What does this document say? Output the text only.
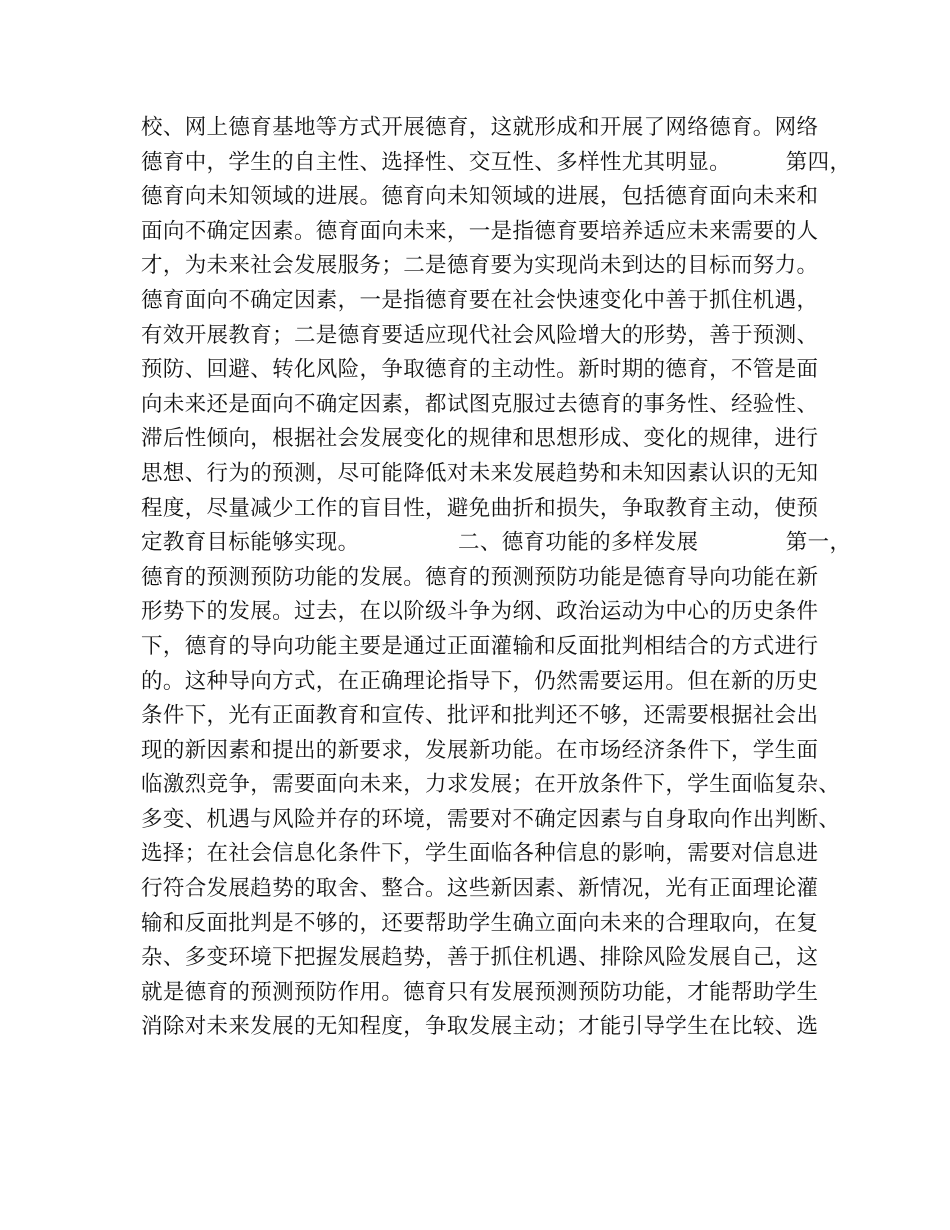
校、网上德育基地等方式开展德育，这就形成和开展了网络德育。网络
德育中，学生的自主性、选择性、交互性、多样性尤其明显。　　　第四，
德育向未知领域的进展。德育向未知领域的进展，包括德育面向未来和
面向不确定因素。德育面向未来，一是指德育要培养适应未来需要的人
才，为未来社会发展服务；二是德育要为实现尚未到达的目标而努力。
德育面向不确定因素，一是指德育要在社会快速变化中善于抓住机遇，
有效开展教育；二是德育要适应现代社会风险增大的形势，善于预测、
预防、回避、转化风险，争取德育的主动性。新时期的德育，不管是面
向未来还是面向不确定因素，都试图克服过去德育的事务性、经验性、
滞后性倾向，根据社会发展变化的规律和思想形成、变化的规律，进行
思想、行为的预测，尽可能降低对未来发展趋势和未知因素认识的无知
程度，尽量减少工作的盲目性，避免曲折和损失，争取教育主动，使预
定教育目标能够实现。　　　　　二、德育功能的多样发展　　　　第一，
德育的预测预防功能的发展。德育的预测预防功能是德育导向功能在新
形势下的发展。过去，在以阶级斗争为纲、政治运动为中心的历史条件
下，德育的导向功能主要是通过正面灌输和反面批判相结合的方式进行
的。这种导向方式，在正确理论指导下，仍然需要运用。但在新的历史
条件下，光有正面教育和宣传、批评和批判还不够，还需要根据社会出
现的新因素和提出的新要求，发展新功能。在市场经济条件下，学生面
临激烈竞争，需要面向未来，力求发展；在开放条件下，学生面临复杂、
多变、机遇与风险并存的环境，需要对不确定因素与自身取向作出判断、
选择；在社会信息化条件下，学生面临各种信息的影响，需要对信息进
行符合发展趋势的取舍、整合。这些新因素、新情况，光有正面理论灌
输和反面批判是不够的，还要帮助学生确立面向未来的合理取向，在复
杂、多变环境下把握发展趋势，善于抓住机遇、排除风险发展自己，这
就是德育的预测预防作用。德育只有发展预测预防功能，才能帮助学生
消除对未来发展的无知程度，争取发展主动；才能引导学生在比较、选
